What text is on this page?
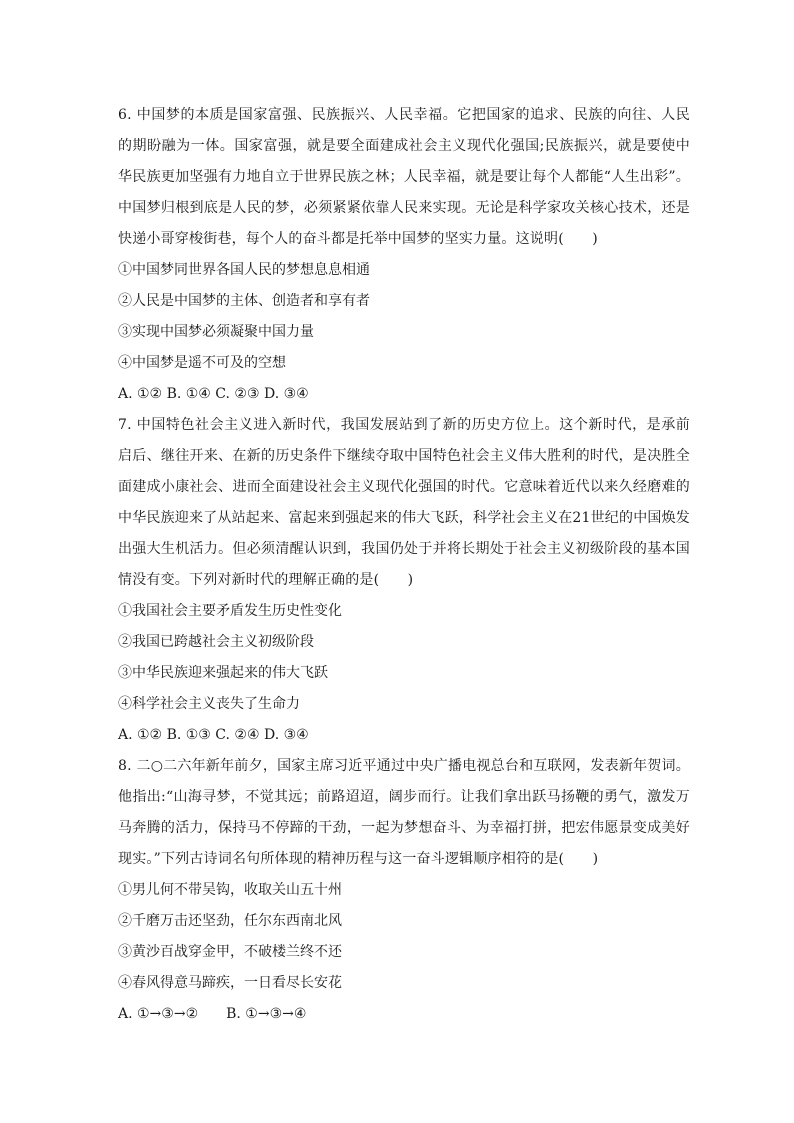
6. 中国梦的本质是国家富强、民族振兴、人民幸福。它把国家的追求、民族的向往、人民的期盼融为一体。国家富强，就是要全面建成社会主义现代化强国;民族振兴，就是要使中华民族更加坚强有力地自立于世界民族之林；人民幸福，就是要让每个人都能“人生出彩”。中国梦归根到底是人民的梦，必须紧紧依靠人民来实现。无论是科学家攻关核心技术，还是快递小哥穿梭街巷，每个人的奋斗都是托举中国梦的坚实力量。这说明(　　)

①中国梦同世界各国人民的梦想息息相通

②人民是中国梦的主体、创造者和享有者

③实现中国梦必须凝聚中国力量

④中国梦是遥不可及的空想

A. ①② B. ①④ C. ②③ D. ③④

7. 中国特色社会主义进入新时代，我国发展站到了新的历史方位上。这个新时代，是承前启后、继往开来、在新的历史条件下继续夺取中国特色社会主义伟大胜利的时代，是决胜全面建成小康社会、进而全面建设社会主义现代化强国的时代。它意味着近代以来久经磨难的中华民族迎来了从站起来、富起来到强起来的伟大飞跃，科学社会主义在21世纪的中国焕发出强大生机活力。但必须清醒认识到，我国仍处于并将长期处于社会主义初级阶段的基本国情没有变。下列对新时代的理解正确的是(　　)

①我国社会主要矛盾发生历史性变化

②我国已跨越社会主义初级阶段

③中华民族迎来强起来的伟大飞跃

④科学社会主义丧失了生命力

A. ①② B. ①③ C. ②④ D. ③④

8. 二○二六年新年前夕，国家主席习近平通过中央广播电视总台和互联网，发表新年贺词。他指出:“山海寻梦，不觉其远；前路迢迢，阔步而行。让我们拿出跃马扬鞭的勇气，激发万马奔腾的活力，保持马不停蹄的干劲，一起为梦想奋斗、为幸福打拼，把宏伟愿景变成美好现实。”下列古诗词名句所体现的精神历程与这一奋斗逻辑顺序相符的是(　　)

①男儿何不带吴钩，收取关山五十州

②千磨万击还坚劲，任尔东西南北风

③黄沙百战穿金甲，不破楼兰终不还

④春风得意马蹄疾，一日看尽长安花

A. ①→③→②　　B. ①→③→④
